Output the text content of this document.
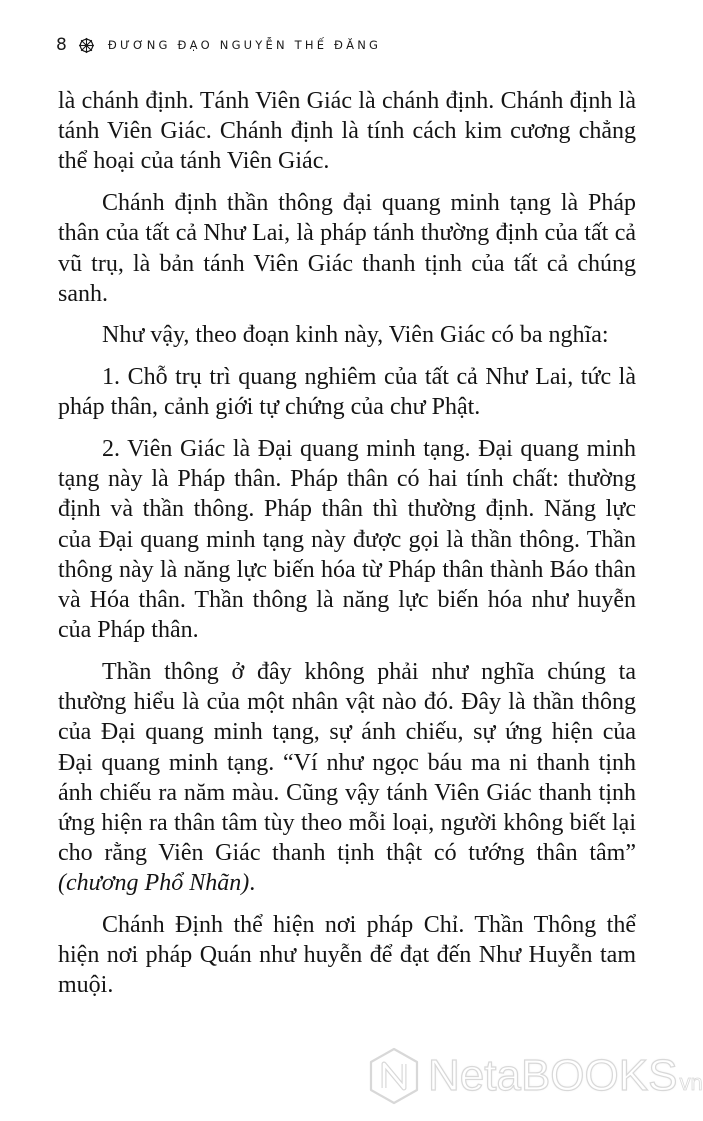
8	ĐƯƠNG ĐẠO NGUYỄN THẾ ĐĂNG

là chánh định. Tánh Viên Giác là chánh định. Chánh định là tánh Viên Giác. Chánh định là tính cách kim cương chẳng thể hoại của tánh Viên Giác.

Chánh định thần thông đại quang minh tạng là Pháp thân của tất cả Như Lai, là pháp tánh thường định của tất cả vũ trụ, là bản tánh Viên Giác thanh tịnh của tất cả chúng sanh.

Như vậy, theo đoạn kinh này, Viên Giác có ba nghĩa:

1. Chỗ trụ trì quang nghiêm của tất cả Như Lai, tức là pháp thân, cảnh giới tự chứng của chư Phật.

2. Viên Giác là Đại quang minh tạng. Đại quang minh tạng này là Pháp thân. Pháp thân có hai tính chất: thường định và thần thông. Pháp thân thì thường định. Năng lực của Đại quang minh tạng này được gọi là thần thông. Thần thông này là năng lực biến hóa từ Pháp thân thành Báo thân và Hóa thân. Thần thông là năng lực biến hóa như huyễn của Pháp thân.

Thần thông ở đây không phải như nghĩa chúng ta thường hiểu là của một nhân vật nào đó. Đây là thần thông của Đại quang minh tạng, sự ánh chiếu, sự ứng hiện của Đại quang minh tạng. “Ví như ngọc báu ma ni thanh tịnh ánh chiếu ra năm màu. Cũng vậy tánh Viên Giác thanh tịnh ứng hiện ra thân tâm tùy theo mỗi loại, người không biết lại cho rằng Viên Giác thanh tịnh thật có tướng thân tâm” (chương Phổ Nhãn).

Chánh Định thể hiện nơi pháp Chỉ. Thần Thông thể hiện nơi pháp Quán như huyễn để đạt đến Như Huyễn tam muội.

NetaBOOKS vn
